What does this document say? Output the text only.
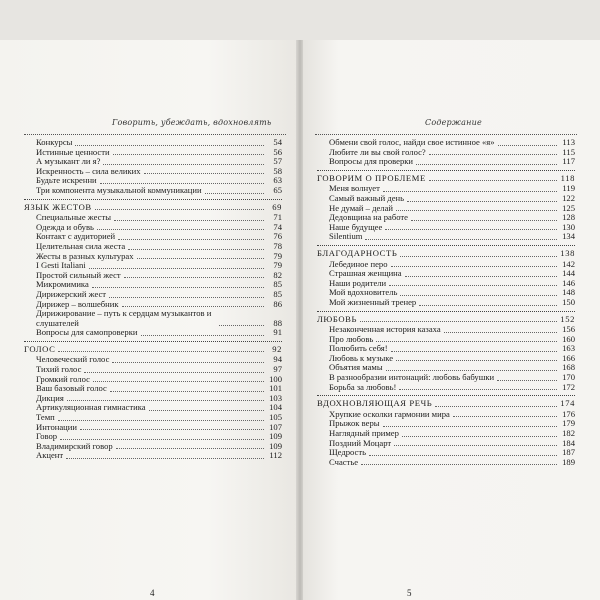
Говорить, убеждать, вдохновлять
Конкурсы	54
Истинные ценности	56
А музыкант ли я?	57
Искренность – сила великих	58
Будьте искренни	63
Три компонента музыкальной коммуникации	65
ЯЗЫК ЖЕСТОВ	69
Специальные жесты	71
Одежда и обувь	74
Контакт с аудиторией	76
Целительная сила жеста	78
Жесты в разных культурах	79
I Gesti Italiani	79
Простой сильный жест	82
Микромимика	85
Дирижерский жест	85
Дирижер – волшебник	86
Дирижирование – путь к сердцам музыкантов и слушателей	88
Вопросы для самопроверки	91
ГОЛОС	92
Человеческий голос	94
Тихий голос	97
Громкий голос	100
Ваш базовый голос	101
Дикция	103
Артикуляционная гимнастика	104
Темп	105
Интонации	107
Говор	109
Владимирский говор	109
Акцент	112
4
Содержание
Обмени свой голос, найди свое истинное «я»	113
Любите ли вы свой голос?	115
Вопросы для проверки	117
ГОВОРИМ О ПРОБЛЕМЕ	118
Меня волнует	119
Самый важный день	122
Не думай – делай	125
Дедовщина на работе	128
Наше будущее	130
Silentium	134
БЛАГОДАРНОСТЬ	138
Лебединое перо	142
Страшная женщина	144
Наши родители	146
Мой вдохновитель	148
Мой жизненный тренер	150
ЛЮБОВЬ	152
Незаконченная история казаха	156
Про любовь	160
Полюбить себя!	163
Любовь к музыке	166
Объятия мамы	168
В разнообразии интонаций: любовь бабушки	170
Борьба за любовь!	172
ВДОХНОВЛЯЮЩАЯ РЕЧЬ	174
Хрупкие осколки гармонии мира	176
Прыжок веры	179
Наглядный пример	182
Поздний Моцарт	184
Щедрость	187
Счастье	189
5
